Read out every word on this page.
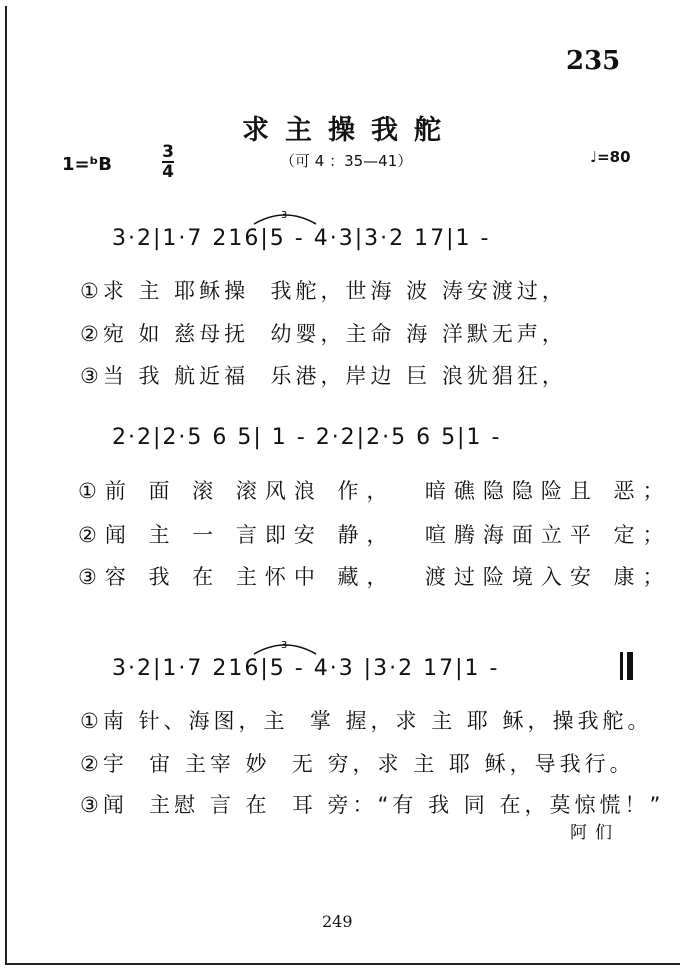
235
求主操我舵
（可 4 ：35—41）
1=ᵇB
3
4
♩=80
3
3·2|1·7 216|5 - 4·3|3·2 17|1 -
①求 主 耶稣操  我舵，世海 波 涛安渡过，
②宛 如 慈母抚  幼婴，主命 海 洋默无声，
③当 我 航近福  乐港，岸边 巨 浪犹猖狂，
2·2|2·5 6 5| 1 - 2·2|2·5 6 5|1 -
①前 面 滚 滚风浪 作，  暗礁隐隐险且 恶；
②闻 主 一 言即安 静，  喧腾海面立平 定；
③容 我 在 主怀中 藏，  渡过险境入安 康；
3
3·2|1·7 216|5 - 4·3 |3·2 17|1 -
①南 针、海图，主  掌 握，求 主 耶 稣，操我舵。
②宇  宙 主宰 妙  无 穷，求 主 耶 稣，导我行。
③闻  主慰 言 在  耳 旁：“有 我 同 在，莫惊慌！”
阿们
249
